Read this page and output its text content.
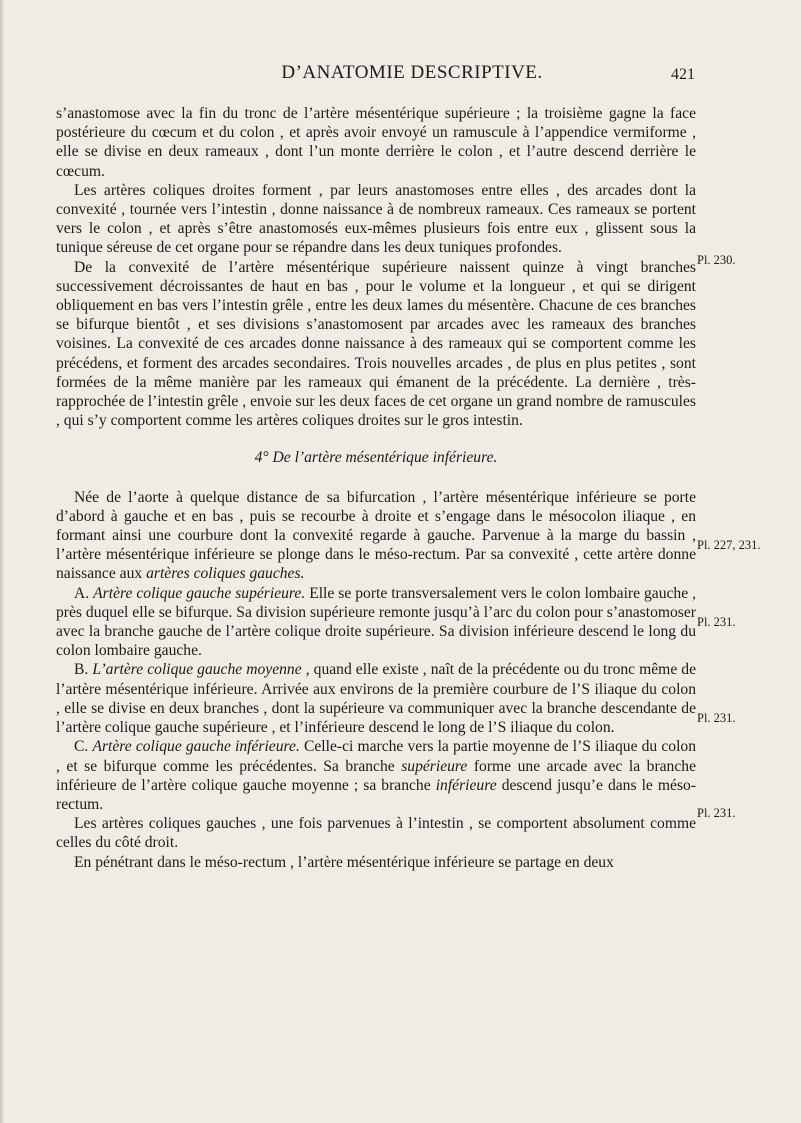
D’ANATOMIE DESCRIPTIVE.	421

s’anastomose avec la fin du tronc de l’artère mésentérique supérieure ; la troisième gagne la face postérieure du cœcum et du colon , et après avoir envoyé un ramuscule à l’appendice vermiforme , elle se divise en deux rameaux , dont l’un monte derrière le colon , et l’autre descend derrière le cœcum.

Les artères coliques droites forment , par leurs anastomoses entre elles , des arcades dont la convexité , tournée vers l’intestin , donne naissance à de nombreux rameaux. Ces rameaux se portent vers le colon , et après s’être anastomosés eux-mêmes plusieurs fois entre eux , glissent sous la tunique séreuse de cet organe pour se répandre dans les deux tuniques profondes.

De la convexité de l’artère mésentérique supérieure naissent quinze à vingt branches successivement décroissantes de haut en bas , pour le volume et la longueur , et qui se dirigent obliquement en bas vers l’intestin grêle , entre les deux lames du mésentère. Chacune de ces branches se bifurque bientôt , et ses divisions s’anastomosent par arcades avec les rameaux des branches voisines. La convexité de ces arcades donne naissance à des rameaux qui se comportent comme les précédens, et forment des arcades secondaires. Trois nouvelles arcades , de plus en plus petites , sont formées de la même manière par les rameaux qui émanent de la précédente. La dernière , très-rapprochée de l’intestin grêle , envoie sur les deux faces de cet organe un grand nombre de ramuscules , qui s’y comportent comme les artères coliques droites sur le gros intestin.

4° De l’artère mésentérique inférieure.

Née de l’aorte à quelque distance de sa bifurcation , l’artère mésentérique inférieure se porte d’abord à gauche et en bas , puis se recourbe à droite et s’engage dans le mésocolon iliaque , en formant ainsi une courbure dont la convexité regarde à gauche. Parvenue à la marge du bassin , l’artère mésentérique inférieure se plonge dans le méso-rectum. Par sa convexité , cette artère donne naissance aux artères coliques gauches.

A. Artère colique gauche supérieure. Elle se porte transversalement vers le colon lombaire gauche , près duquel elle se bifurque. Sa division supérieure remonte jusqu’à l’arc du colon pour s’anastomoser avec la branche gauche de l’artère colique droite supérieure. Sa division inférieure descend le long du colon lombaire gauche.

B. L’artère colique gauche moyenne , quand elle existe , naît de la précédente ou du tronc même de l’artère mésentérique inférieure. Arrivée aux environs de la première courbure de l’S iliaque du colon , elle se divise en deux branches , dont la supérieure va communiquer avec la branche descendante de l’artère colique gauche supérieure , et l’inférieure descend le long de l’S iliaque du colon.

C. Artère colique gauche inférieure. Celle-ci marche vers la partie moyenne de l’S iliaque du colon , et se bifurque comme les précédentes. Sa branche supérieure forme une arcade avec la branche inférieure de l’artère colique gauche moyenne ; sa branche inférieure descend jusqu’e dans le méso-rectum.

Les artères coliques gauches , une fois parvenues à l’intestin , se comportent absolument comme celles du côté droit.

En pénétrant dans le méso-rectum , l’artère mésentérique inférieure se partage en deux

Pl. 230.
Pl. 227, 231.
Pl. 231.
Pl. 231.
Pl. 231.
